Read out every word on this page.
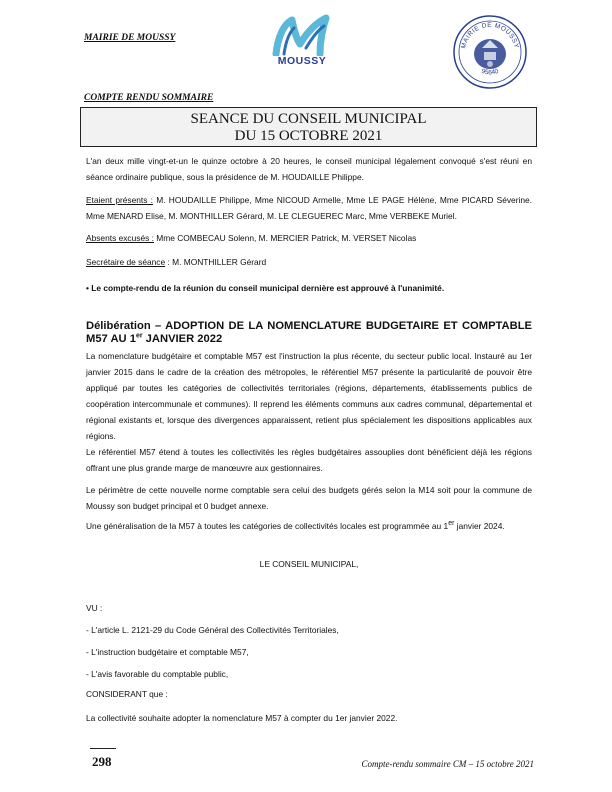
MAIRIE DE MOUSSY
MOUSSY
MAIRIE DE MOUSSY
95640
COMPTE RENDU SOMMAIRE
SEANCE DU CONSEIL MUNICIPAL
DU 15 OCTOBRE 2021
L'an deux mille vingt-et-un le quinze octobre à 20 heures, le conseil municipal légalement convoqué s'est réuni en séance ordinaire publique, sous la présidence de M. HOUDAILLE Philippe.
Etaient présents : M. HOUDAILLE Philippe, Mme NICOUD Armelle, Mme LE PAGE Hélène, Mme PICARD Séverine. Mme MENARD Elise, M. MONTHILLER Gérard, M. LE CLEGUEREC Marc, Mme VERBEKE Muriel.
Absents excusés : Mme COMBECAU Solenn, M. MERCIER Patrick, M. VERSET Nicolas
Secrétaire de séance : M. MONTHILLER Gérard
• Le compte-rendu de la réunion du conseil municipal dernière est approuvé à l'unanimité.
Délibération – ADOPTION DE LA NOMENCLATURE BUDGETAIRE ET COMPTABLE M57 AU 1er JANVIER 2022
La nomenclature budgétaire et comptable M57 est l'instruction la plus récente, du secteur public local. Instauré au 1er janvier 2015 dans le cadre de la création des métropoles, le référentiel M57 présente la particularité de pouvoir être appliqué par toutes les catégories de collectivités territoriales (régions, départements, établissements publics de coopération intercommunale et communes). Il reprend les éléments communs aux cadres communal, départemental et régional existants et, lorsque des divergences apparaissent, retient plus spécialement les dispositions applicables aux régions.
Le référentiel M57 étend à toutes les collectivités les règles budgétaires assouplies dont bénéficient déjà les régions offrant une plus grande marge de manœuvre aux gestionnaires.
Le périmètre de cette nouvelle norme comptable sera celui des budgets gérés selon la M14 soit pour la commune de Moussy son budget principal et 0 budget annexe.
Une généralisation de la M57 à toutes les catégories de collectivités locales est programmée au 1er janvier 2024.
LE CONSEIL MUNICIPAL,
VU :
- L'article L. 2121-29 du Code Général des Collectivités Territoriales,
- L'instruction budgétaire et comptable M57,
- L'avis favorable du comptable public,
CONSIDERANT que :
La collectivité souhaite adopter la nomenclature M57 à compter du 1er janvier 2022.
298	Compte-rendu sommaire CM – 15 octobre 2021
